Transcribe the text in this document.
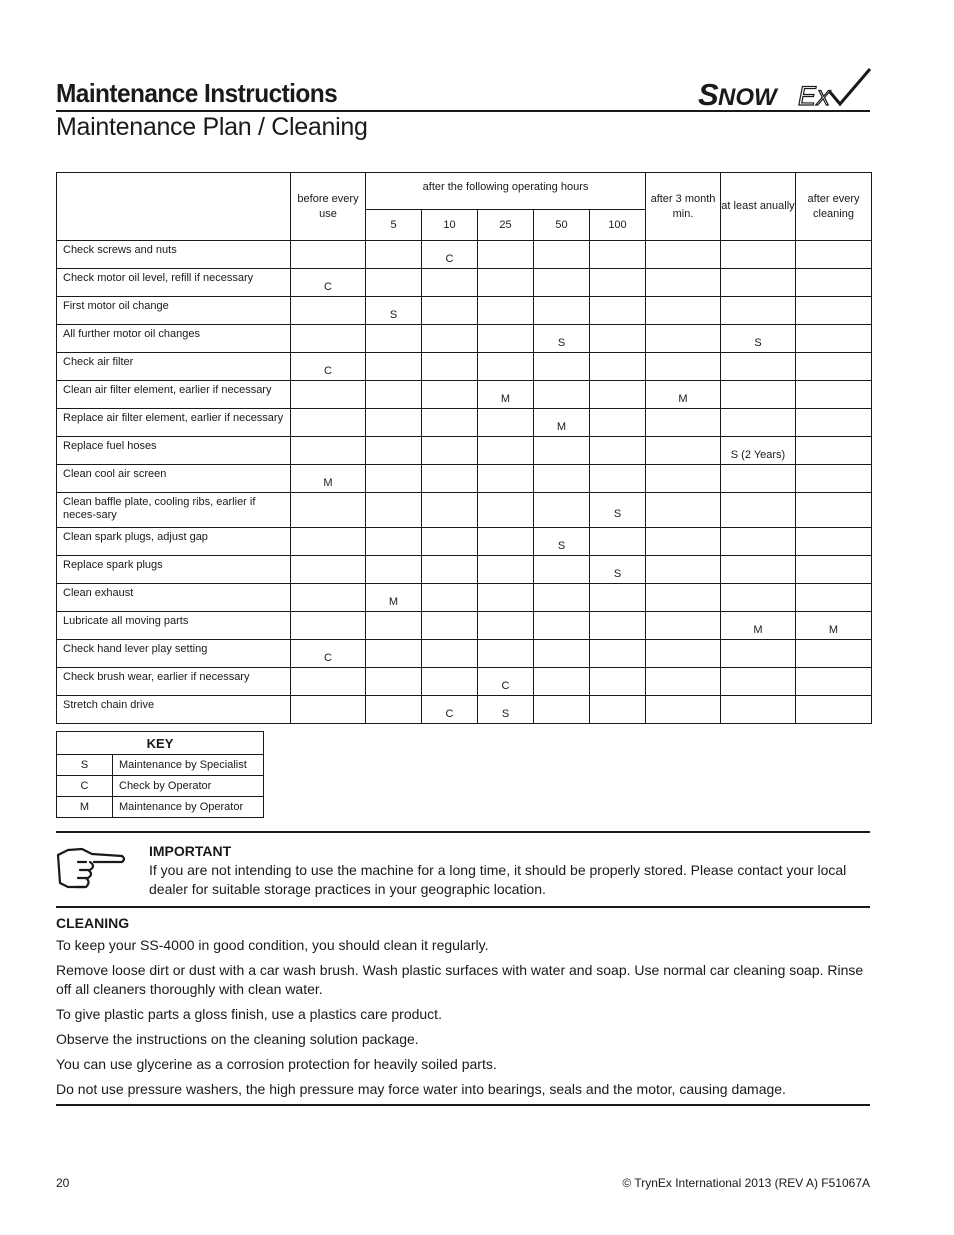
Maintenance Instructions	S NOW E X
Maintenance Plan / Cleaning
	before every use	after the following operating hours					after 3 month min.	at least anually	after every cleaning
		5	10	25	50	100			
Check screws and nuts			C						
Check motor oil level, refill if necessary	C								
First motor oil change		S							
All further motor oil changes					S			S	
Check air filter	C								
Clean air filter element, earlier if necessary				M			M		
Replace air filter element, earlier if necessary					M				
Replace fuel hoses								S (2 Years)	
Clean cool air screen	M								
Clean baffle plate, cooling ribs, earlier if neces-sary						S			
Clean spark plugs, adjust gap					S				
Replace spark plugs						S			
Clean exhaust		M							
Lubricate all moving parts								M	M
Check hand lever play setting	C								
Check brush wear, earlier if necessary				C					
Stretch chain drive			C	S					
KEY	
S	Maintenance by Specialist
C	Check by Operator
M	Maintenance by Operator
IMPORTANT
If you are not intending to use the machine for a long time, it should be properly stored. Please contact your local dealer for suitable storage practices in your geographic location.
CLEANING
To keep your SS-4000 in good condition, you should clean it regularly.
Remove loose dirt or dust with a car wash brush. Wash plastic surfaces with water and soap. Use normal car cleaning soap. Rinse off all cleaners thoroughly with clean water.
To give plastic parts a gloss finish, use a plastics care product.
Observe the instructions on the cleaning solution package.
You can use glycerine as a corrosion protection for heavily soiled parts.
Do not use pressure washers, the high pressure may force water into bearings, seals and the motor, causing damage.
20	© TrynEx International 2013 (REV A) F51067A
